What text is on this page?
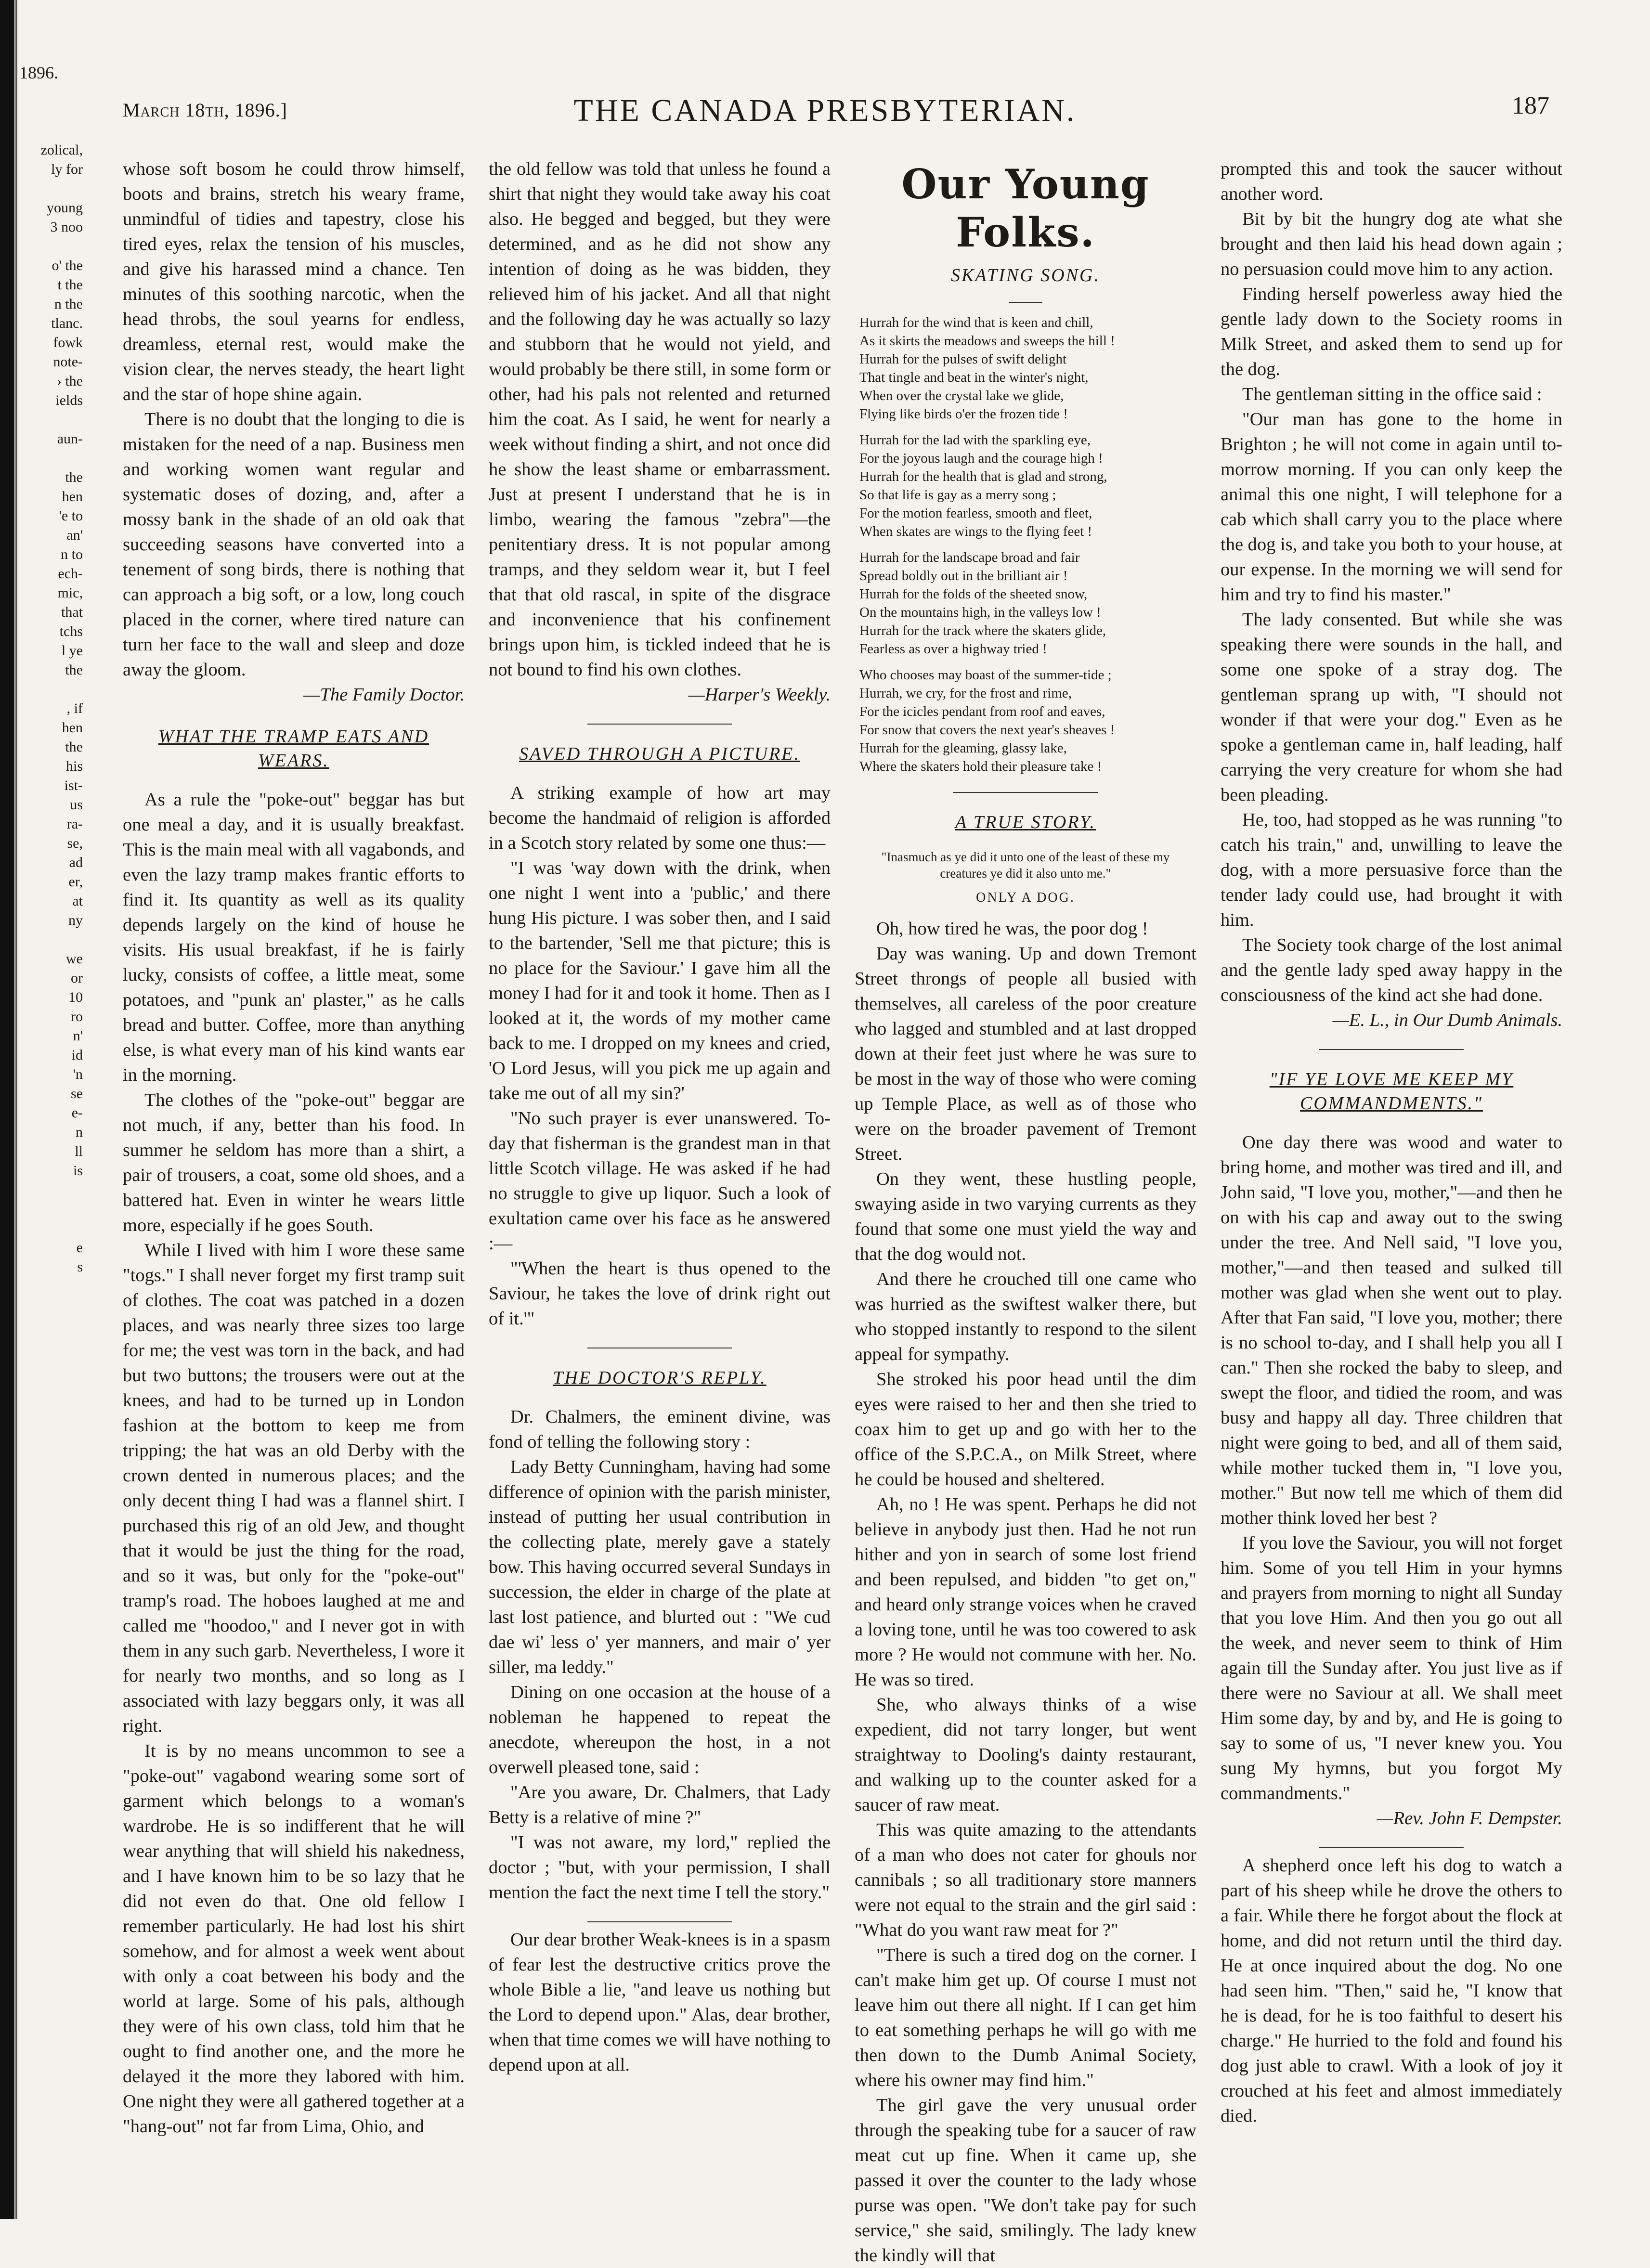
1896.
zolical,
ly for
young
3 noo
o' the
t the
n the
tlanc.
fowk
note-
› the
ields
aun-
the
hen
'e to
an'
n to
ech-
mic,
that
tchs
l ye
the
, if
hen
the
his
ist-
us
ra-
se,
ad
er,
at
ny
we
or
10
ro
n'
id
'n
se
e-
n
ll
is
e
s
March 18th, 1896.]	THE CANADA PRESBYTERIAN.	187

whose soft bosom he could throw himself, boots and brains, stretch his weary frame, unmindful of tidies and tapestry, close his tired eyes, relax the tension of his muscles, and give his harassed mind a chance. Ten minutes of this soothing narcotic, when the head throbs, the soul yearns for endless, dreamless, eternal rest, would make the vision clear, the nerves steady, the heart light and the star of hope shine again.

There is no doubt that the longing to die is mistaken for the need of a nap. Business men and working women want regular and systematic doses of dozing, and, after a mossy bank in the shade of an old oak that succeeding seasons have converted into a tenement of song birds, there is nothing that can approach a big soft, or a low, long couch placed in the corner, where tired nature can turn her face to the wall and sleep and doze away the gloom.

—The Family Doctor.

WHAT THE TRAMP EATS AND WEARS.

As a rule the "poke-out" beggar has but one meal a day, and it is usually breakfast. This is the main meal with all vagabonds, and even the lazy tramp makes frantic efforts to find it. Its quantity as well as its quality depends largely on the kind of house he visits. His usual breakfast, if he is fairly lucky, consists of coffee, a little meat, some potatoes, and "punk an' plaster," as he calls bread and butter. Coffee, more than anything else, is what every man of his kind wants ear in the morning.

The clothes of the "poke-out" beggar are not much, if any, better than his food. In summer he seldom has more than a shirt, a pair of trousers, a coat, some old shoes, and a battered hat. Even in winter he wears little more, especially if he goes South.

While I lived with him I wore these same "togs." I shall never forget my first tramp suit of clothes. The coat was patched in a dozen places, and was nearly three sizes too large for me; the vest was torn in the back, and had but two buttons; the trousers were out at the knees, and had to be turned up in London fashion at the bottom to keep me from tripping; the hat was an old Derby with the crown dented in numerous places; and the only decent thing I had was a flannel shirt. I purchased this rig of an old Jew, and thought that it would be just the thing for the road, and so it was, but only for the "poke-out" tramp's road. The hoboes laughed at me and called me "hoodoo," and I never got in with them in any such garb. Nevertheless, I wore it for nearly two months, and so long as I associated with lazy beggars only, it was all right.

It is by no means uncommon to see a "poke-out" vagabond wearing some sort of garment which belongs to a woman's wardrobe. He is so indifferent that he will wear anything that will shield his nakedness, and I have known him to be so lazy that he did not even do that. One old fellow I remember particularly. He had lost his shirt somehow, and for almost a week went about with only a coat between his body and the world at large. Some of his pals, although they were of his own class, told him that he ought to find another one, and the more he delayed it the more they labored with him. One night they were all gathered together at a "hang-out" not far from Lima, Ohio, and

the old fellow was told that unless he found a shirt that night they would take away his coat also. He begged and begged, but they were determined, and as he did not show any intention of doing as he was bidden, they relieved him of his jacket. And all that night and the following day he was actually so lazy and stubborn that he would not yield, and would probably be there still, in some form or other, had his pals not relented and returned him the coat. As I said, he went for nearly a week without finding a shirt, and not once did he show the least shame or embarrassment. Just at present I understand that he is in limbo, wearing the famous "zebra"—the penitentiary dress. It is not popular among tramps, and they seldom wear it, but I feel that that old rascal, in spite of the disgrace and inconvenience that his confinement brings upon him, is tickled indeed that he is not bound to find his own clothes.

—Harper's Weekly.

SAVED THROUGH A PICTURE.

A striking example of how art may become the handmaid of religion is afforded in a Scotch story related by some one thus:—

"I was 'way down with the drink, when one night I went into a 'public,' and there hung His picture. I was sober then, and I said to the bartender, 'Sell me that picture; this is no place for the Saviour.' I gave him all the money I had for it and took it home. Then as I looked at it, the words of my mother came back to me. I dropped on my knees and cried, 'O Lord Jesus, will you pick me up again and take me out of all my sin?'

"No such prayer is ever unanswered. To-day that fisherman is the grandest man in that little Scotch village. He was asked if he had no struggle to give up liquor. Such a look of exultation came over his face as he answered :—

"'When the heart is thus opened to the Saviour, he takes the love of drink right out of it.'"

THE DOCTOR'S REPLY.

Dr. Chalmers, the eminent divine, was fond of telling the following story :

Lady Betty Cunningham, having had some difference of opinion with the parish minister, instead of putting her usual contribution in the collecting plate, merely gave a stately bow. This having occurred several Sundays in succession, the elder in charge of the plate at last lost patience, and blurted out : "We cud dae wi' less o' yer manners, and mair o' yer siller, ma leddy."

Dining on one occasion at the house of a nobleman he happened to repeat the anecdote, whereupon the host, in a not overwell pleased tone, said :

"Are you aware, Dr. Chalmers, that Lady Betty is a relative of mine ?"

"I was not aware, my lord," replied the doctor ; "but, with your permission, I shall mention the fact the next time I tell the story."

Our dear brother Weak-knees is in a spasm of fear lest the destructive critics prove the whole Bible a lie, "and leave us nothing but the Lord to depend upon." Alas, dear brother, when that time comes we will have nothing to depend upon at all.

Our Young Folks.
SKATING SONG.
Hurrah for the wind that is keen and chill,
As it skirts the meadows and sweeps the hill !
Hurrah for the pulses of swift delight
That tingle and beat in the winter's night,
When over the crystal lake we glide,
Flying like birds o'er the frozen tide !
Hurrah for the lad with the sparkling eye,
For the joyous laugh and the courage high !
Hurrah for the health that is glad and strong,
So that life is gay as a merry song ;
For the motion fearless, smooth and fleet,
When skates are wings to the flying feet !
Hurrah for the landscape broad and fair
Spread boldly out in the brilliant air !
Hurrah for the folds of the sheeted snow,
On the mountains high, in the valleys low !
Hurrah for the track where the skaters glide,
Fearless as over a highway tried !
Who chooses may boast of the summer-tide ;
Hurrah, we cry, for the frost and rime,
For the icicles pendant from roof and eaves,
For snow that covers the next year's sheaves !
Hurrah for the gleaming, glassy lake,
Where the skaters hold their pleasure take !
A TRUE STORY.
"Inasmuch as ye did it unto one of the least of these my creatures ye did it also unto me."
ONLY A DOG.

Oh, how tired he was, the poor dog !

Day was waning. Up and down Tremont Street throngs of people all busied with themselves, all careless of the poor creature who lagged and stumbled and at last dropped down at their feet just where he was sure to be most in the way of those who were coming up Temple Place, as well as of those who were on the broader pavement of Tremont Street.

On they went, these hustling people, swaying aside in two varying currents as they found that some one must yield the way and that the dog would not.

And there he crouched till one came who was hurried as the swiftest walker there, but who stopped instantly to respond to the silent appeal for sympathy.

She stroked his poor head until the dim eyes were raised to her and then she tried to coax him to get up and go with her to the office of the S.P.C.A., on Milk Street, where he could be housed and sheltered.

Ah, no ! He was spent. Perhaps he did not believe in anybody just then. Had he not run hither and yon in search of some lost friend and been repulsed, and bidden "to get on," and heard only strange voices when he craved a loving tone, until he was too cowered to ask more ? He would not commune with her. No. He was so tired.

She, who always thinks of a wise expedient, did not tarry longer, but went straightway to Dooling's dainty restaurant, and walking up to the counter asked for a saucer of raw meat.

This was quite amazing to the attendants of a man who does not cater for ghouls nor cannibals ; so all traditionary store manners were not equal to the strain and the girl said : "What do you want raw meat for ?"

"There is such a tired dog on the corner. I can't make him get up. Of course I must not leave him out there all night. If I can get him to eat something perhaps he will go with me then down to the Dumb Animal Society, where his owner may find him."

The girl gave the very unusual order through the speaking tube for a saucer of raw meat cut up fine. When it came up, she passed it over the counter to the lady whose purse was open. "We don't take pay for such service," she said, smilingly. The lady knew the kindly will that

prompted this and took the saucer without another word.

Bit by bit the hungry dog ate what she brought and then laid his head down again ; no persuasion could move him to any action.

Finding herself powerless away hied the gentle lady down to the Society rooms in Milk Street, and asked them to send up for the dog.

The gentleman sitting in the office said :

"Our man has gone to the home in Brighton ; he will not come in again until to-morrow morning. If you can only keep the animal this one night, I will telephone for a cab which shall carry you to the place where the dog is, and take you both to your house, at our expense. In the morning we will send for him and try to find his master."

The lady consented. But while she was speaking there were sounds in the hall, and some one spoke of a stray dog. The gentleman sprang up with, "I should not wonder if that were your dog." Even as he spoke a gentleman came in, half leading, half carrying the very creature for whom she had been pleading.

He, too, had stopped as he was running "to catch his train," and, unwilling to leave the dog, with a more persuasive force than the tender lady could use, had brought it with him.

The Society took charge of the lost animal and the gentle lady sped away happy in the consciousness of the kind act she had done.

—E. L., in Our Dumb Animals.

"IF YE LOVE ME KEEP MY COMMANDMENTS."

One day there was wood and water to bring home, and mother was tired and ill, and John said, "I love you, mother,"—and then he on with his cap and away out to the swing under the tree. And Nell said, "I love you, mother,"—and then teased and sulked till mother was glad when she went out to play. After that Fan said, "I love you, mother; there is no school to-day, and I shall help you all I can." Then she rocked the baby to sleep, and swept the floor, and tidied the room, and was busy and happy all day. Three children that night were going to bed, and all of them said, while mother tucked them in, "I love you, mother." But now tell me which of them did mother think loved her best ?

If you love the Saviour, you will not forget him. Some of you tell Him in your hymns and prayers from morning to night all Sunday that you love Him. And then you go out all the week, and never seem to think of Him again till the Sunday after. You just live as if there were no Saviour at all. We shall meet Him some day, by and by, and He is going to say to some of us, "I never knew you. You sung My hymns, but you forgot My commandments."

—Rev. John F. Dempster.

A shepherd once left his dog to watch a part of his sheep while he drove the others to a fair. While there he forgot about the flock at home, and did not return until the third day. He at once inquired about the dog. No one had seen him. "Then," said he, "I know that he is dead, for he is too faithful to desert his charge." He hurried to the fold and found his dog just able to crawl. With a look of joy it crouched at his feet and almost immediately died.
